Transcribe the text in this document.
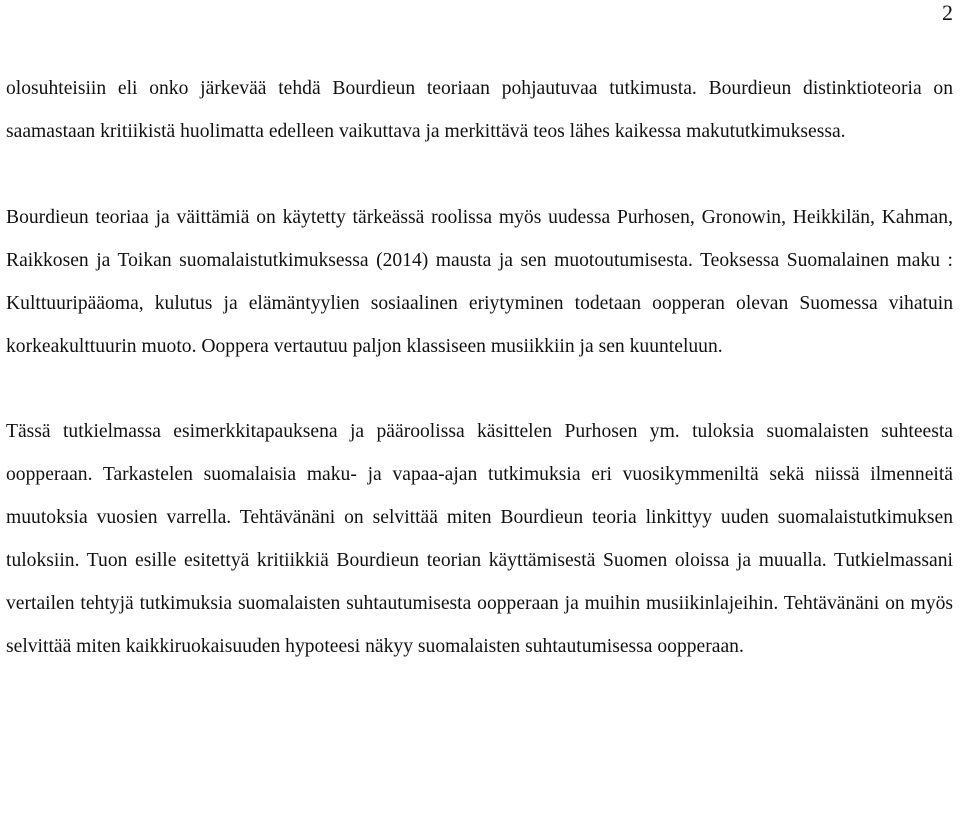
2

olosuhteisiin eli onko järkevää tehdä Bourdieun teoriaan pohjautuvaa tutkimusta. Bourdieun distinktioteoria on saamastaan kritiikistä huolimatta edelleen vaikuttava ja merkittävä teos lähes kaikessa makututkimuksessa.

Bourdieun teoriaa ja väittämiä on käytetty tärkeässä roolissa myös uudessa Purhosen, Gronowin, Heikkilän, Kahman, Raikkosen ja Toikan suomalaistutkimuksessa (2014) mausta ja sen muotoutumisesta. Teoksessa Suomalainen maku : Kulttuuripääoma, kulutus ja elämäntyylien sosiaalinen eriytyminen todetaan oopperan olevan Suomessa vihatuin korkeakulttuurin muoto. Ooppera vertautuu paljon klassiseen musiikkiin ja sen kuunteluun.

Tässä tutkielmassa esimerkkitapauksena ja pääroolissa käsittelen Purhosen ym. tuloksia suomalaisten suhteesta oopperaan. Tarkastelen suomalaisia maku- ja vapaa-ajan tutkimuksia eri vuosikymmeniltä sekä niissä ilmenneitä muutoksia vuosien varrella. Tehtävänäni on selvittää miten Bourdieun teoria linkittyy uuden suomalaistutkimuksen tuloksiin. Tuon esille esitettyä kritiikkiä Bourdieun teorian käyttämisestä Suomen oloissa ja muualla. Tutkielmassani vertailen tehtyjä tutkimuksia suomalaisten suhtautumisesta oopperaan ja muihin musiikinlajeihin. Tehtävänäni on myös selvittää miten kaikkiruokaisuuden hypoteesi näkyy suomalaisten suhtautumisessa oopperaan.
